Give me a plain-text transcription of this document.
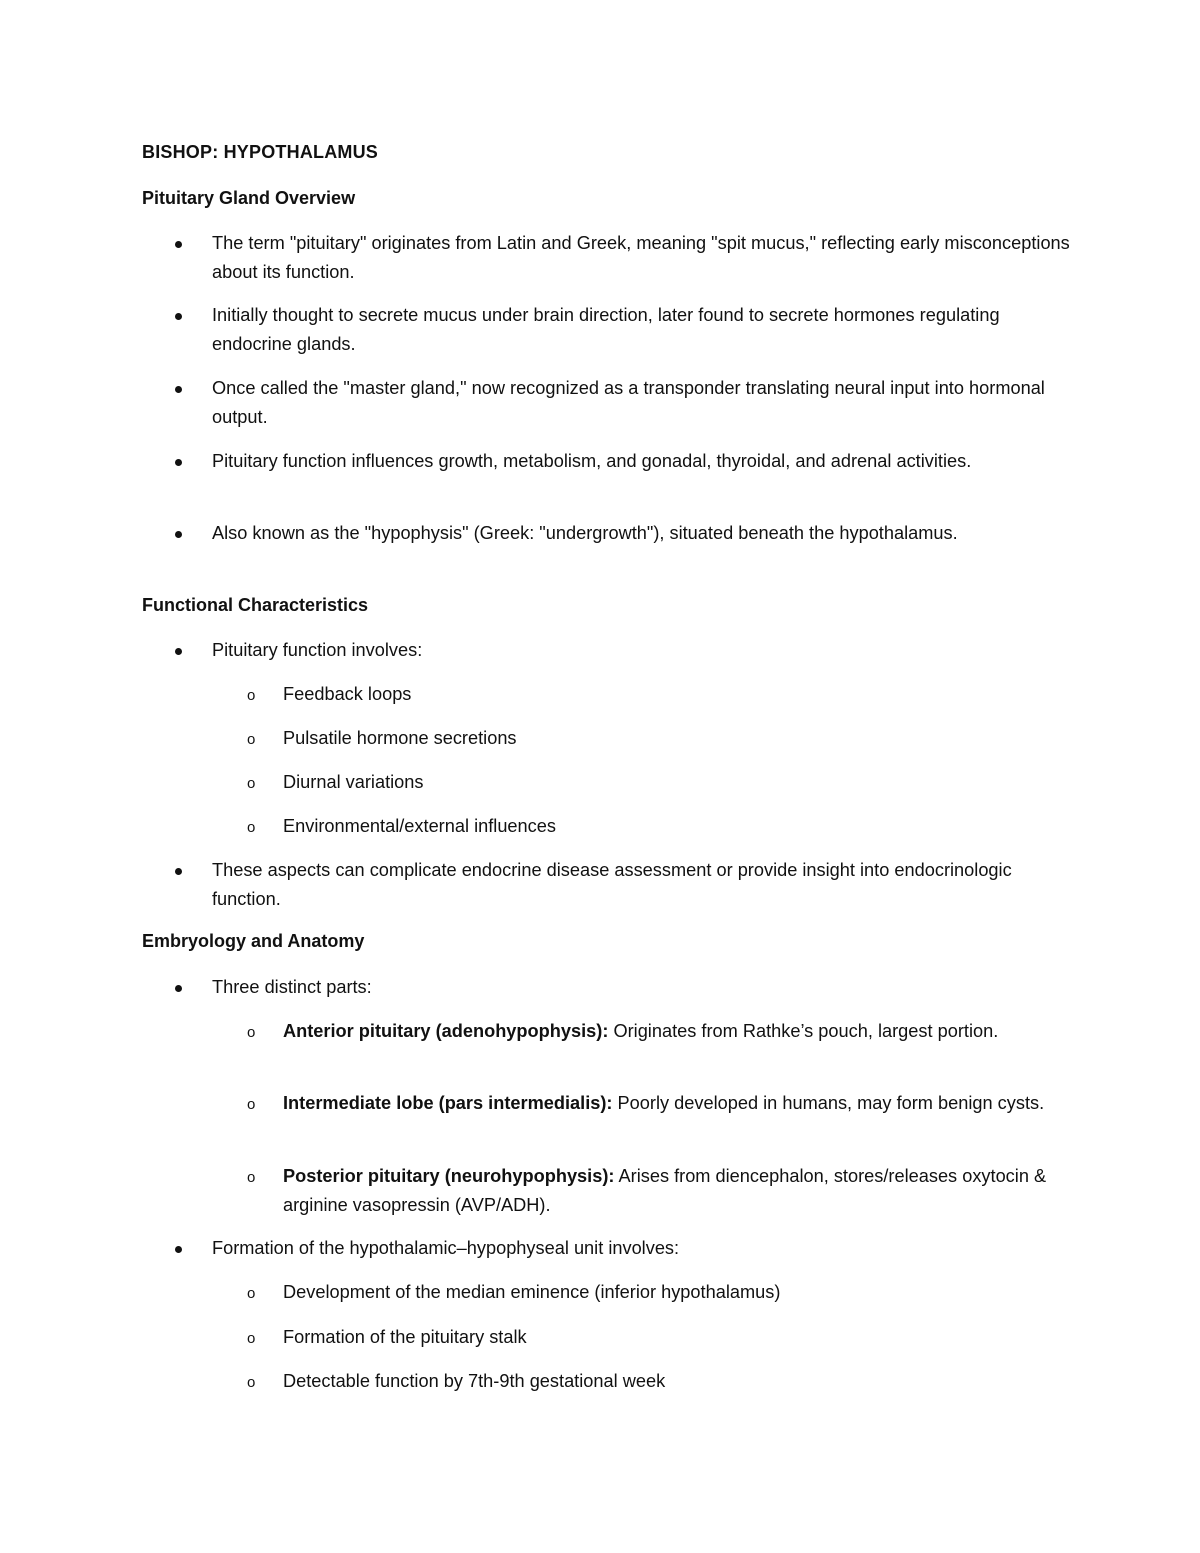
BISHOP: HYPOTHALAMUS
Pituitary Gland Overview
The term "pituitary" originates from Latin and Greek, meaning "spit mucus," reflecting early misconceptions about its function.
Initially thought to secrete mucus under brain direction, later found to secrete hormones regulating endocrine glands.
Once called the "master gland," now recognized as a transponder translating neural input into hormonal output.
Pituitary function influences growth, metabolism, and gonadal, thyroidal, and adrenal activities.
Also known as the "hypophysis" (Greek: "undergrowth"), situated beneath the hypothalamus.
Functional Characteristics
Pituitary function involves:
o Feedback loops
o Pulsatile hormone secretions
o Diurnal variations
o Environmental/external influences
These aspects can complicate endocrine disease assessment or provide insight into endocrinologic function.
Embryology and Anatomy
Three distinct parts:
o Anterior pituitary (adenohypophysis): Originates from Rathke’s pouch, largest portion.
o Intermediate lobe (pars intermedialis): Poorly developed in humans, may form benign cysts.
o Posterior pituitary (neurohypophysis): Arises from diencephalon, stores/releases oxytocin & arginine vasopressin (AVP/ADH).
Formation of the hypothalamic–hypophyseal unit involves:
o Development of the median eminence (inferior hypothalamus)
o Formation of the pituitary stalk
o Detectable function by 7th-9th gestational week
